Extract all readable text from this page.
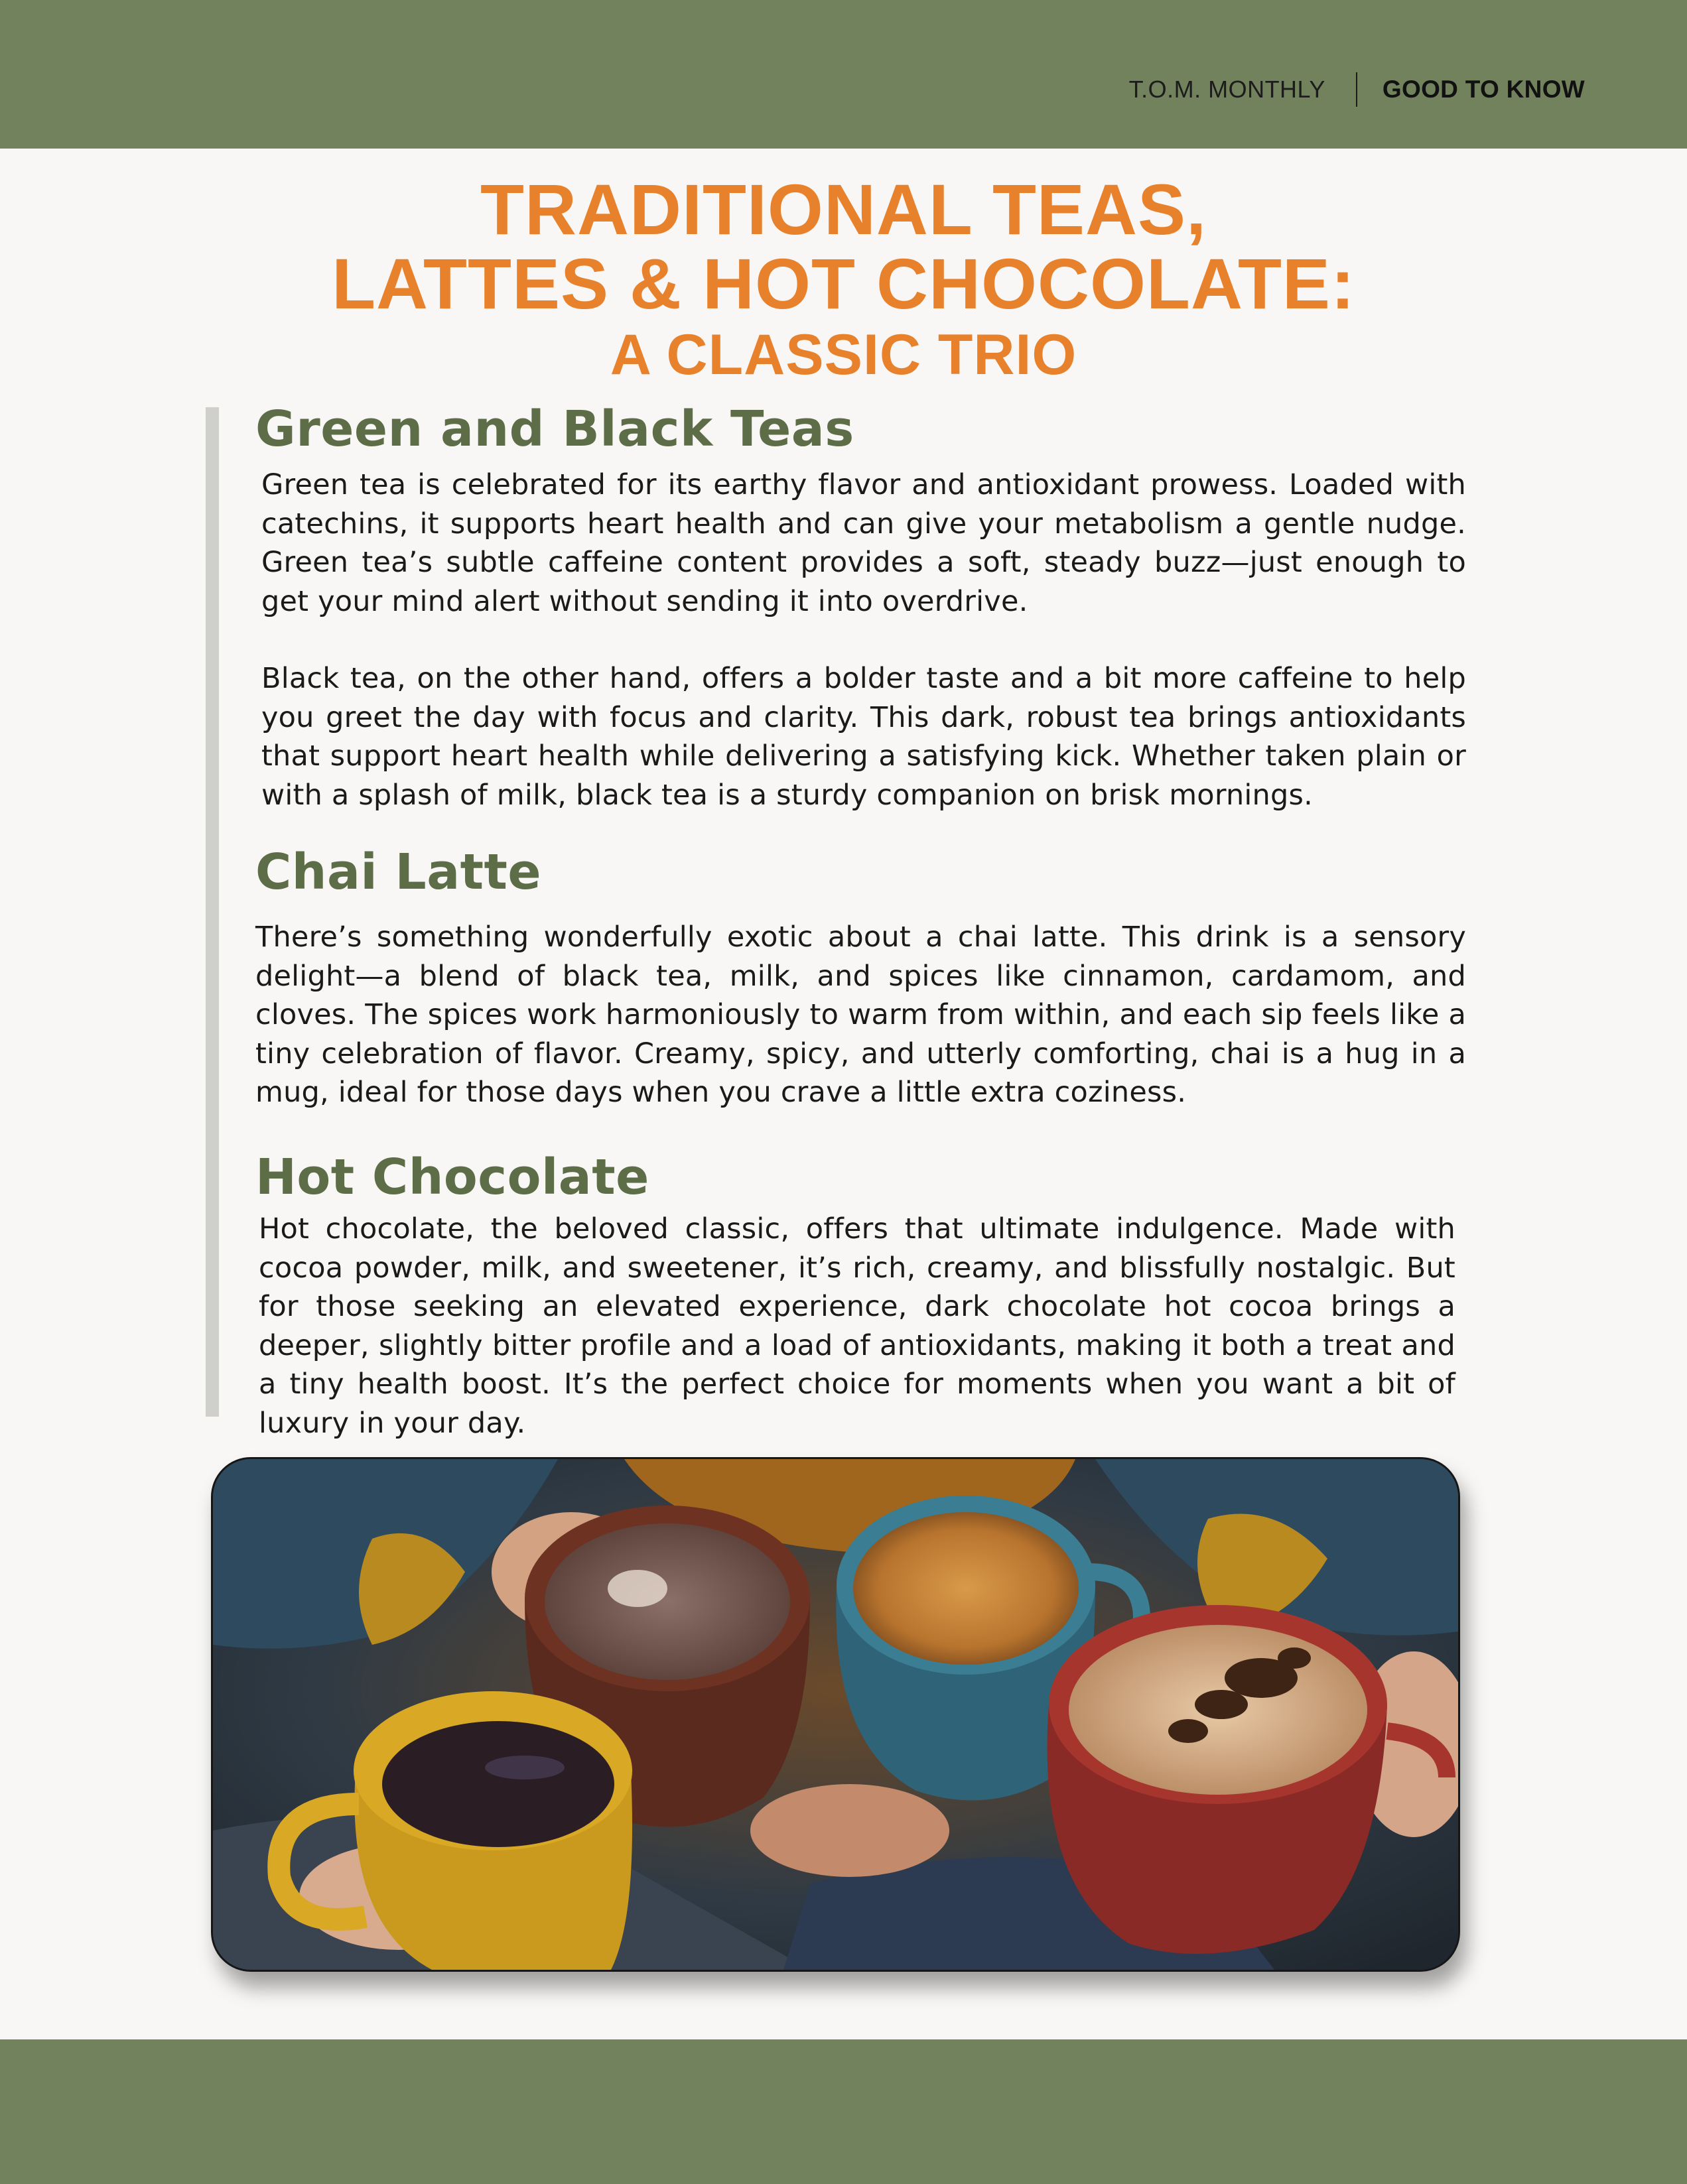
T.O.M. MONTHLY GOOD TO KNOW
TRADITIONAL TEAS,
LATTES & HOT CHOCOLATE:
A CLASSIC TRIO
Green and Black Teas

Green tea is celebrated for its earthy flavor and antioxidant prowess. Loaded with catechins, it supports heart health and can give your metabolism a gentle nudge. Green tea’s subtle caffeine content provides a soft, steady buzz—just enough to get your mind alert without sending it into overdrive.

Black tea, on the other hand, offers a bolder taste and a bit more caffeine to help you greet the day with focus and clarity. This dark, robust tea brings antioxidants that support heart health while delivering a satisfying kick. Whether taken plain or with a splash of milk, black tea is a sturdy companion on brisk mornings.

Chai Latte

There’s something wonderfully exotic about a chai latte. This drink is a sensory delight—a blend of black tea, milk, and spices like cinnamon, cardamom, and cloves. The spices work harmoniously to warm from within, and each sip feels like a tiny celebration of flavor. Creamy, spicy, and utterly comforting, chai is a hug in a mug, ideal for those days when you crave a little extra coziness.

Hot Chocolate

Hot chocolate, the beloved classic, offers that ultimate indulgence. Made with cocoa powder, milk, and sweetener, it’s rich, creamy, and blissfully nostalgic. But for those seeking an elevated experience, dark chocolate hot cocoa brings a deeper, slightly bitter profile and a load of antioxidants, making it both a treat and a tiny health boost. It’s the perfect choice for moments when you want a bit of luxury in your day.
